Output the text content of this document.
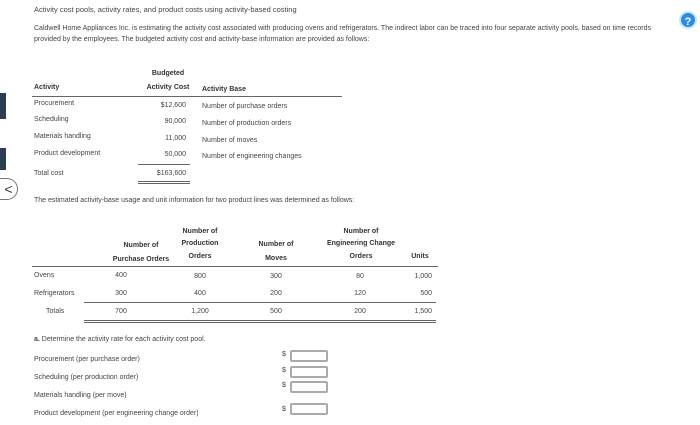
<
?
Activity cost pools, activity rates, and product costs using activity-based costing
Caldwell Home Appliances Inc. is estimating the activity cost associated with producing ovens and refrigerators. The indirect labor can be traced into four separate activity pools, based on time records provided by the employees. The budgeted activity cost and activity-base information are provided as follows:
Budgeted
Activity Cost
Activity	Activity Base
Procurement	$12,600 Number of purchase orders
Scheduling	90,000 Number of production orders
Materials handling	11,000 Number of moves
Product development	50,000 Number of engineering changes
Total cost	$163,600
The estimated activity-base usage and unit information for two product lines was determined as follows:
Number of
Purchase Orders
Number of
Production
Orders
Number of
Moves
Number of
Engineering Change
Orders	Units
Ovens	400	800	300	80	1,000
Refrigerators	300	400	200	120	500
Totals	700	1,200	500	200	1,500
a. Determine the activity rate for each activity cost pool.
Procurement (per purchase order)
$
Scheduling (per production order)
$
Materials handling (per move)
$
Product development (per engineering change order)
$
